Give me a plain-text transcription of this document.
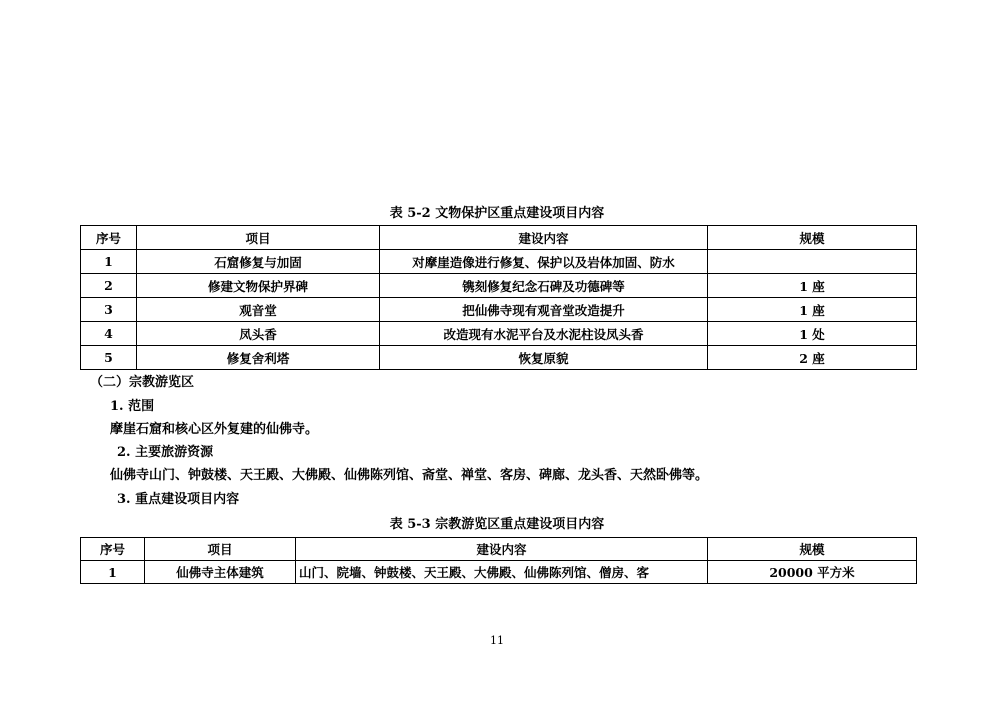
表 5-2 文物保护区重点建设项目内容
序号	项目	建设内容	规模
1	石窟修复与加固	对摩崖造像进行修复、保护以及岩体加固、防水	
2	修建文物保护界碑	镌刻修复纪念石碑及功德碑等	1 座
3	观音堂	把仙佛寺现有观音堂改造提升	1 座
4	凤头香	改造现有水泥平台及水泥柱设凤头香	1 处
5	修复舍利塔	恢复原貌	2 座
（二）宗教游览区
1. 范围
摩崖石窟和核心区外复建的仙佛寺。
2. 主要旅游资源
仙佛寺山门、钟鼓楼、天王殿、大佛殿、仙佛陈列馆、斋堂、禅堂、客房、碑廊、龙头香、天然卧佛等。
3. 重点建设项目内容
表 5-3 宗教游览区重点建设项目内容
序号	项目	建设内容	规模
1	仙佛寺主体建筑	山门、院墙、钟鼓楼、天王殿、大佛殿、仙佛陈列馆、僧房、客	20000 平方米
11
